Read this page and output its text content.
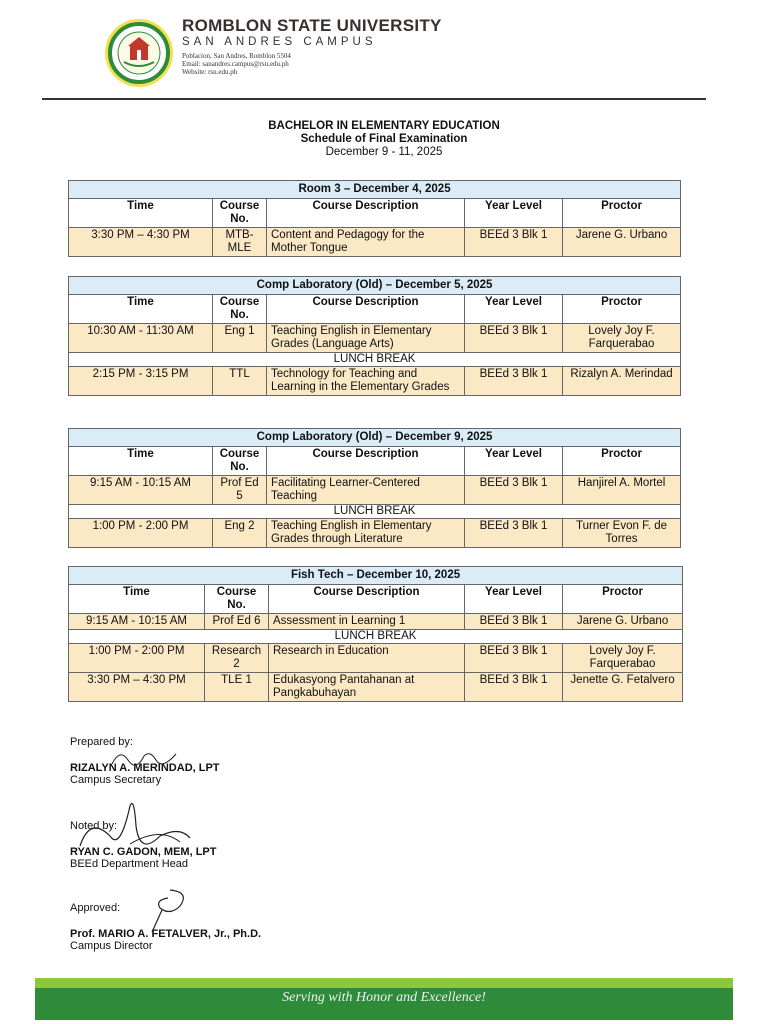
ROMBLON STATE UNIVERSITY
SAN ANDRES CAMPUS
Poblacion, San Andres, Romblon 5504
Email: sanandres.campus@rsu.edu.ph
Website: rsu.edu.ph
BACHELOR IN ELEMENTARY EDUCATION
Schedule of Final Examination
December 9 - 11, 2025
Room 3 – December 4, 2025				
Time	Course No.	Course Description	Year Level	Proctor
3:30 PM – 4:30 PM	MTB-MLE	Content and Pedagogy for the Mother Tongue	BEEd 3 Blk 1	Jarene G. Urbano
Comp Laboratory (Old) – December 5, 2025				
Time	Course No.	Course Description	Year Level	Proctor
10:30 AM - 11:30 AM	Eng 1	Teaching English in Elementary Grades (Language Arts)	BEEd 3 Blk 1	Lovely Joy F. Farquerabao
LUNCH BREAK				
2:15 PM - 3:15 PM	TTL	Technology for Teaching and Learning in the Elementary Grades	BEEd 3 Blk 1	Rizalyn A. Merindad
Comp Laboratory (Old) – December 9, 2025				
Time	Course No.	Course Description	Year Level	Proctor
9:15 AM - 10:15 AM	Prof Ed 5	Facilitating Learner-Centered Teaching	BEEd 3 Blk 1	Hanjirel A. Mortel
LUNCH BREAK				
1:00 PM - 2:00 PM	Eng 2	Teaching English in Elementary Grades through Literature	BEEd 3 Blk 1	Turner Evon F. de Torres
Fish Tech – December 10, 2025				
Time	Course No.	Course Description	Year Level	Proctor
9:15 AM - 10:15 AM	Prof Ed 6	Assessment in Learning 1	BEEd 3 Blk 1	Jarene G. Urbano
LUNCH BREAK				
1:00 PM - 2:00 PM	Research 2	Research in Education	BEEd 3 Blk 1	Lovely Joy F. Farquerabao
3:30 PM – 4:30 PM	TLE 1	Edukasyong Pantahanan at Pangkabuhayan	BEEd 3 Blk 1	Jenette G. Fetalvero
Prepared by:
RIZALYN A. MERINDAD, LPT
Campus Secretary
Noted by:
RYAN C. GADON, MEM, LPT
BEEd Department Head
Approved:
Prof. MARIO A. FETALVER, Jr., Ph.D.
Campus Director
Serving with Honor and Excellence!
